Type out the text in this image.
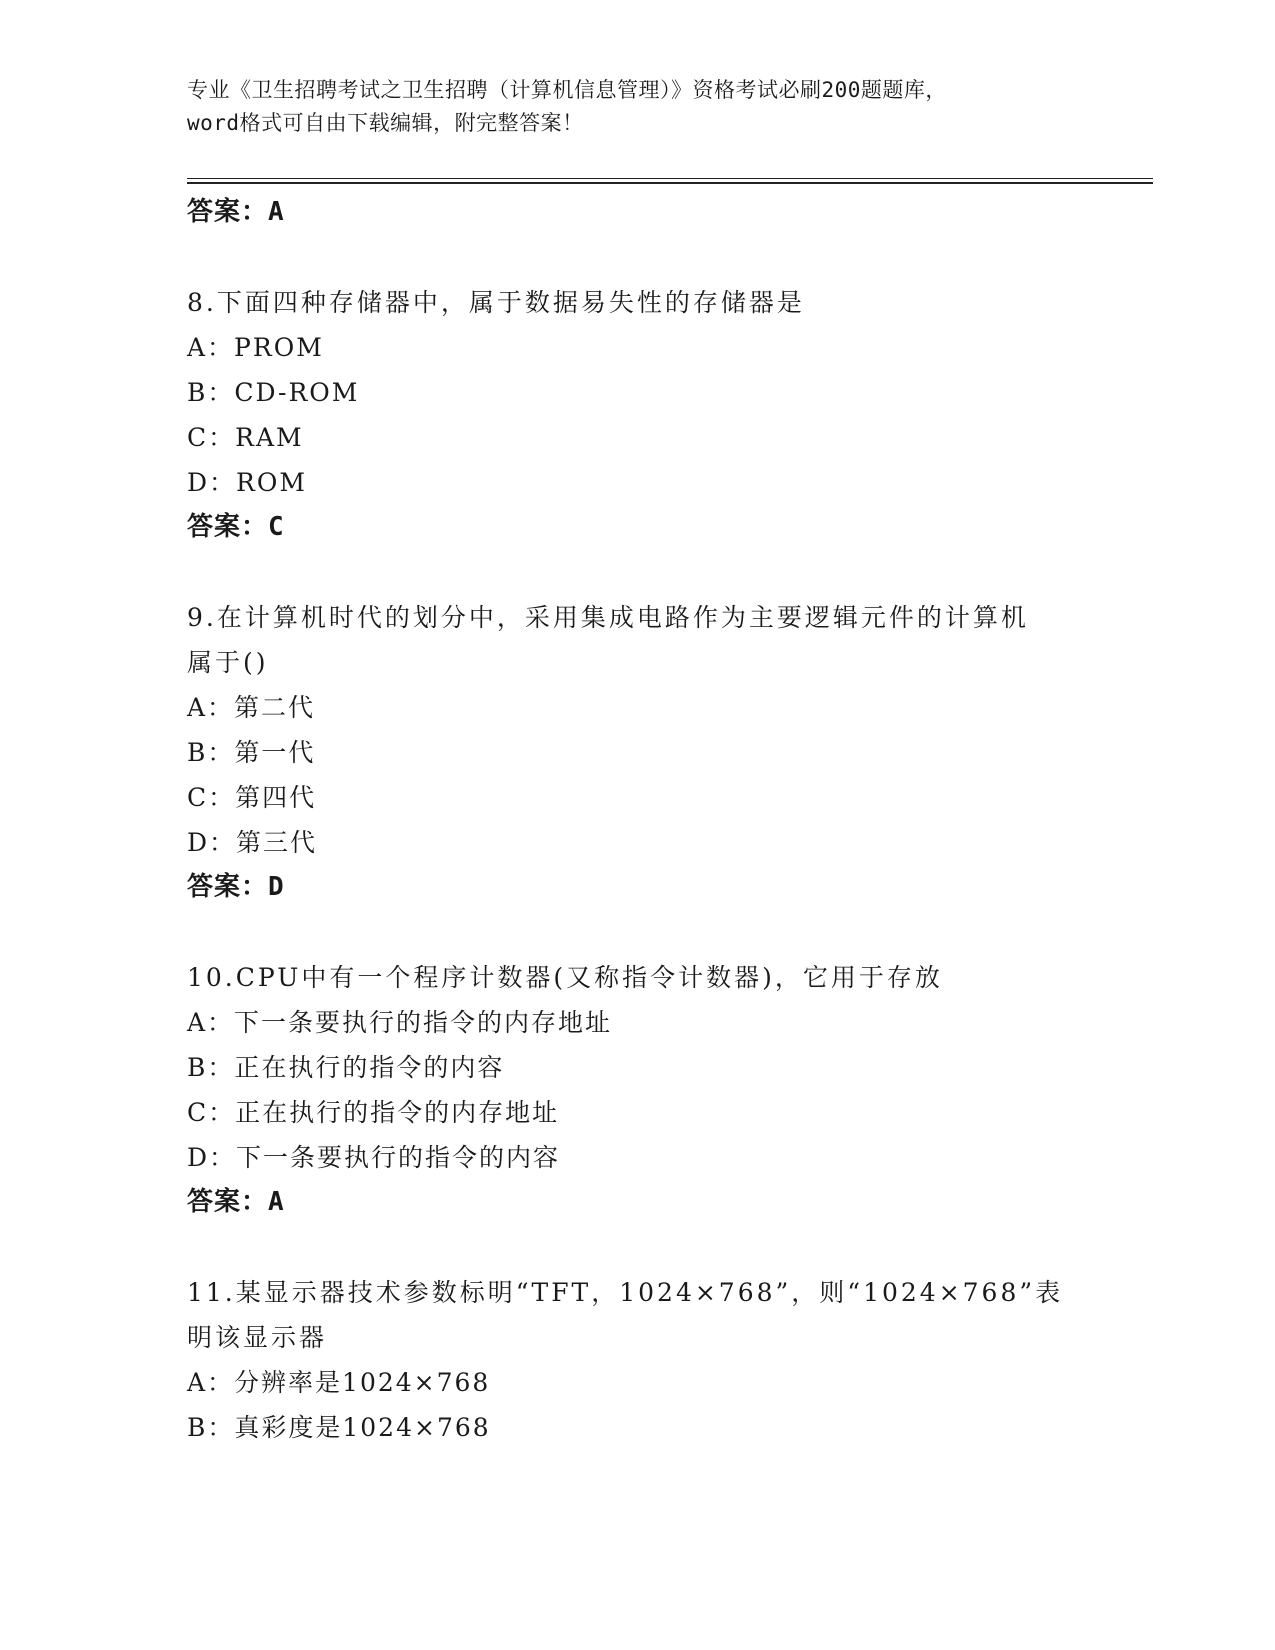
专业《卫生招聘考试之卫生招聘（计算机信息管理）》资格考试必刷200题题库，
word格式可自由下载编辑，附完整答案！
答案：A
8.下面四种存储器中，属于数据易失性的存储器是
A：PROM
B：CD-ROM
C：RAM
D：ROM
答案：C
9.在计算机时代的划分中，采用集成电路作为主要逻辑元件的计算机
属于()
A：第二代
B：第一代
C：第四代
D：第三代
答案：D
10.CPU中有一个程序计数器(又称指令计数器)，它用于存放
A：下一条要执行的指令的内存地址
B：正在执行的指令的内容
C：正在执行的指令的内存地址
D：下一条要执行的指令的内容
答案：A
11.某显示器技术参数标明“TFT，1024×768”，则“1024×768”表
明该显示器
A：分辨率是1024×768
B：真彩度是1024×768
